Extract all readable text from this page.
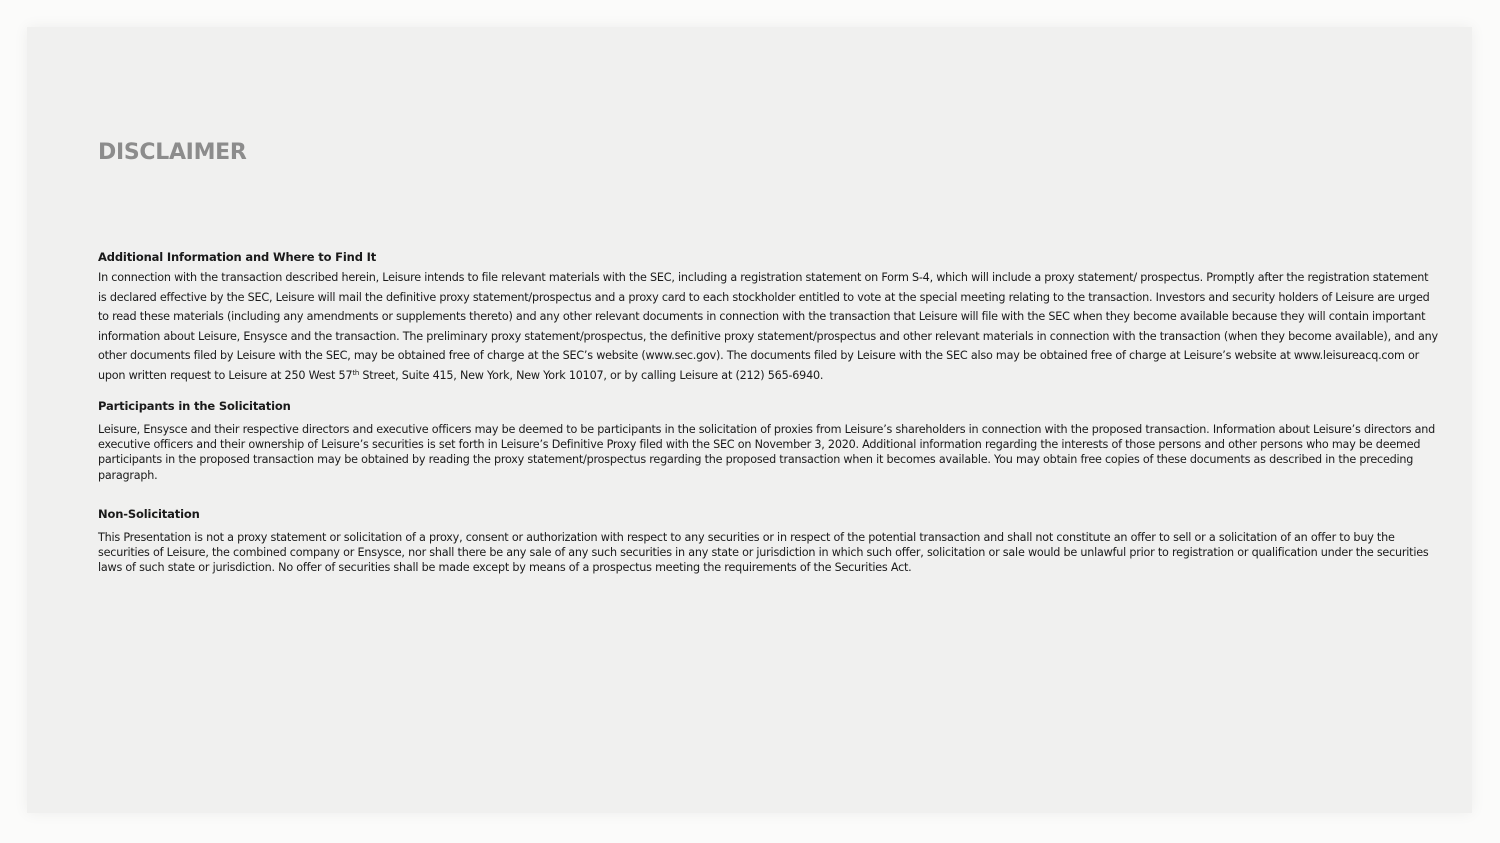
DISCLAIMER

Additional Information and Where to Find It

In connection with the transaction described herein, Leisure intends to file relevant materials with the SEC, including a registration statement on Form S-4, which will include a proxy statement/ prospectus. Promptly after the registration statement is declared effective by the SEC, Leisure will mail the definitive proxy statement/prospectus and a proxy card to each stockholder entitled to vote at the special meeting relating to the transaction. Investors and security holders of Leisure are urged to read these materials (including any amendments or supplements thereto) and any other relevant documents in connection with the transaction that Leisure will file with the SEC when they become available because they will contain important information about Leisure, Ensysce and the transaction. The preliminary proxy statement/prospectus, the definitive proxy statement/prospectus and other relevant materials in connection with the transaction (when they become available), and any other documents filed by Leisure with the SEC, may be obtained free of charge at the SEC’s website (www.sec.gov). The documents filed by Leisure with the SEC also may be obtained free of charge at Leisure’s website at www.leisureacq.com or upon written request to Leisure at 250 West 57th Street, Suite 415, New York, New York 10107, or by calling Leisure at (212) 565-6940.

Participants in the Solicitation

Leisure, Ensysce and their respective directors and executive officers may be deemed to be participants in the solicitation of proxies from Leisure’s shareholders in connection with the proposed transaction. Information about Leisure’s directors and executive officers and their ownership of Leisure’s securities is set forth in Leisure’s Definitive Proxy filed with the SEC on November 3, 2020. Additional information regarding the interests of those persons and other persons who may be deemed participants in the proposed transaction may be obtained by reading the proxy statement/prospectus regarding the proposed transaction when it becomes available. You may obtain free copies of these documents as described in the preceding paragraph.

Non-Solicitation

This Presentation is not a proxy statement or solicitation of a proxy, consent or authorization with respect to any securities or in respect of the potential transaction and shall not constitute an offer to sell or a solicitation of an offer to buy the securities of Leisure, the combined company or Ensysce, nor shall there be any sale of any such securities in any state or jurisdiction in which such offer, solicitation or sale would be unlawful prior to registration or qualification under the securities laws of such state or jurisdiction. No offer of securities shall be made except by means of a prospectus meeting the requirements of the Securities Act.
